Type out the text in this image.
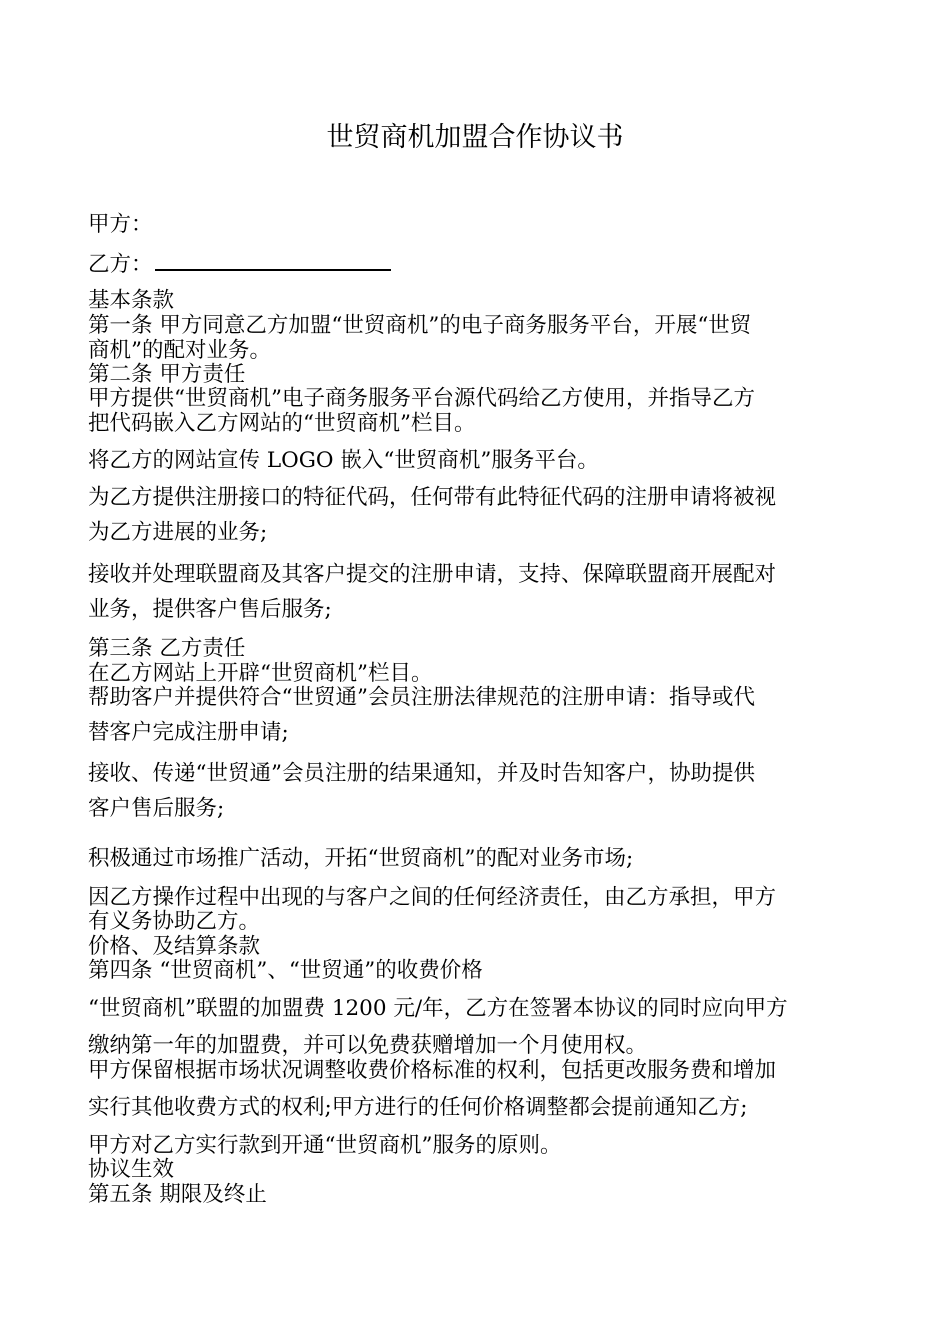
世贸商机加盟合作协议书
甲方：
乙方：
基本条款
第一条 甲方同意乙方加盟“世贸商机”的电子商务服务平台，开展“世贸
商机”的配对业务。
第二条 甲方责任
甲方提供“世贸商机”电子商务服务平台源代码给乙方使用，并指导乙方
把代码嵌入乙方网站的“世贸商机”栏目。
将乙方的网站宣传 LOGO 嵌入“世贸商机”服务平台。
为乙方提供注册接口的特征代码，任何带有此特征代码的注册申请将被视
为乙方进展的业务;
接收并处理联盟商及其客户提交的注册申请，支持、保障联盟商开展配对
业务，提供客户售后服务;
第三条 乙方责任
在乙方网站上开辟“世贸商机”栏目。
帮助客户并提供符合“世贸通”会员注册法律规范的注册申请：指导或代
替客户完成注册申请;
接收、传递“世贸通”会员注册的结果通知，并及时告知客户，协助提供
客户售后服务;
积极通过市场推广活动，开拓“世贸商机”的配对业务市场;
因乙方操作过程中出现的与客户之间的任何经济责任，由乙方承担，甲方
有义务协助乙方。
价格、及结算条款
第四条 “世贸商机”、“世贸通”的收费价格
“世贸商机”联盟的加盟费 1200 元/年，乙方在签署本协议的同时应向甲方
缴纳第一年的加盟费，并可以免费获赠增加一个月使用权。
甲方保留根据市场状况调整收费价格标准的权利，包括更改服务费和增加
实行其他收费方式的权利;甲方进行的任何价格调整都会提前通知乙方;
甲方对乙方实行款到开通“世贸商机”服务的原则。
协议生效
第五条 期限及终止
